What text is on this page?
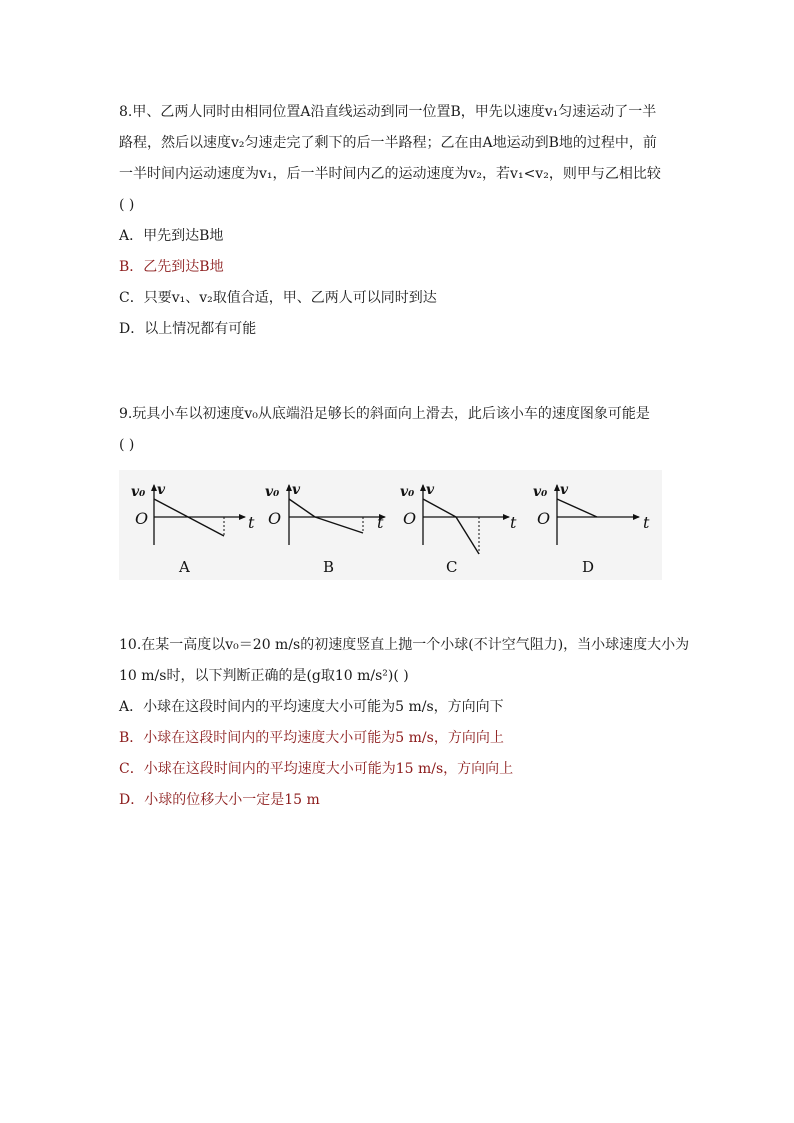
8.甲、乙两人同时由相同位置A沿直线运动到同一位置B，甲先以速度v₁匀速运动了一半
路程，然后以速度v₂匀速走完了剩下的后一半路程；乙在由A地运动到B地的过程中，前
一半时间内运动速度为v₁，后一半时间内乙的运动速度为v₂，若v₁<v₂，则甲与乙相比较
( )
A．甲先到达B地
B．乙先到达B地
C．只要v₁、v₂取值合适，甲、乙两人可以同时到达
D．以上情况都有可能
9.玩具小车以初速度v₀从底端沿足够长的斜面向上滑去，此后该小车的速度图象可能是
( )
v₀ v
O	t
A
v₀ v
O	t
B
v₀ v
O	t
C
v₀ v
O	t
D
10.在某一高度以v₀＝20 m/s的初速度竖直上抛一个小球(不计空气阻力)，当小球速度大小为
10 m/s时，以下判断正确的是(g取10 m/s²)( )
A．小球在这段时间内的平均速度大小可能为5 m/s，方向向下
B．小球在这段时间内的平均速度大小可能为5 m/s，方向向上
C．小球在这段时间内的平均速度大小可能为15 m/s，方向向上
D．小球的位移大小一定是15 m
